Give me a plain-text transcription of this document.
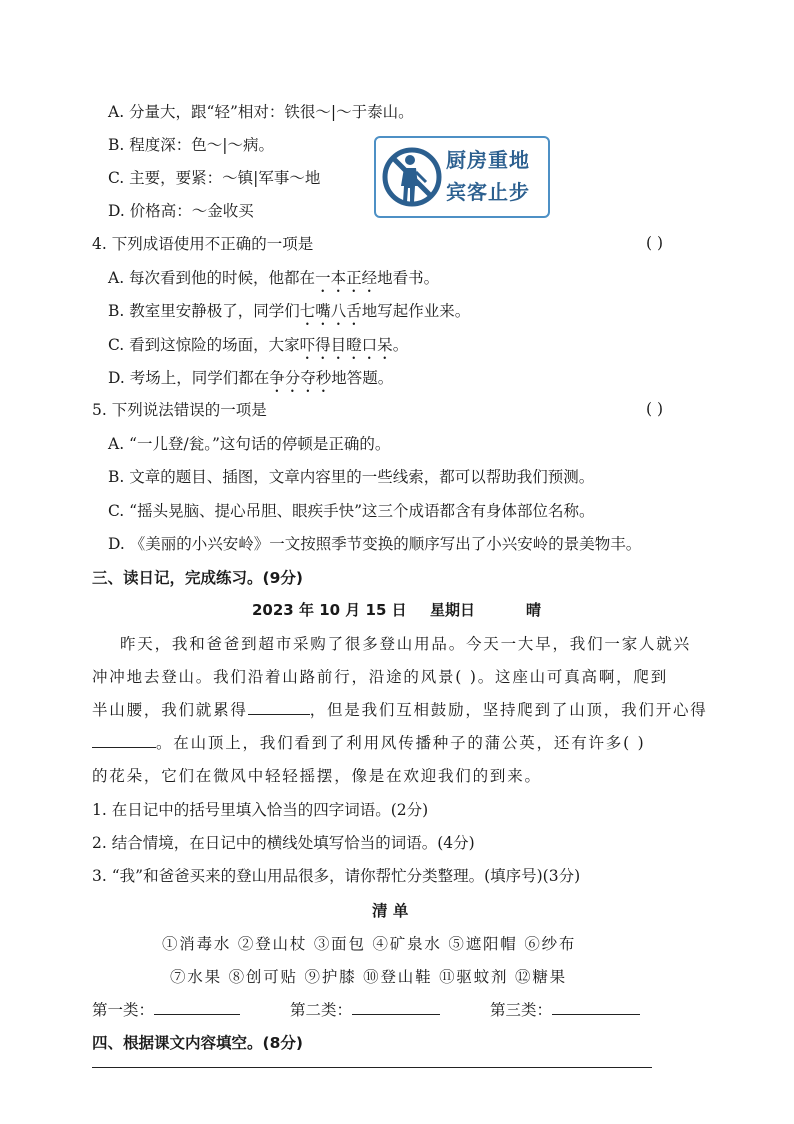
A. 分量大，跟“轻”相对：铁很～|～于泰山。
B. 程度深：色～|～病。
C. 主要，要紧：～镇|军事～地
D. 价格高：～金收买
厨房重地
宾客止步
4. 下列成语使用不正确的一项是	( )
A. 每次看到他的时候，他都在一本正经地看书。
B. 教室里安静极了，同学们七嘴八舌地写起作业来。
C. 看到这惊险的场面，大家吓得目瞪口呆。
D. 考场上，同学们都在争分夺秒地答题。
5. 下列说法错误的一项是	( )
A. “一儿登/瓮。”这句话的停顿是正确的。
B. 文章的题目、插图，文章内容里的一些线索，都可以帮助我们预测。
C. “摇头晃脑、提心吊胆、眼疾手快”这三个成语都含有身体部位名称。
D. 《美丽的小兴安岭》一文按照季节变换的顺序写出了小兴安岭的景美物丰。
三、读日记，完成练习。(9分)
2023 年 10 月 15 日 星期日	晴
昨天，我和爸爸到超市采购了很多登山用品。今天一大早，我们一家人就兴
冲冲地去登山。我们沿着山路前行，沿途的风景( )。这座山可真高啊，爬到
半山腰，我们就累得	，但是我们互相鼓励，坚持爬到了山顶，我们开心得
。在山顶上，我们看到了利用风传播种子的蒲公英，还有许多( )
的花朵，它们在微风中轻轻摇摆，像是在欢迎我们的到来。
1. 在日记中的括号里填入恰当的四字词语。(2分)
2. 结合情境，在日记中的横线处填写恰当的词语。(4分)
3. “我”和爸爸买来的登山用品很多，请你帮忙分类整理。(填序号)(3分)
清 单
①消毒水 ②登山杖 ③面包 ④矿泉水 ⑤遮阳帽 ⑥纱布
⑦水果 ⑧创可贴 ⑨护膝 ⑩登山鞋 ⑪驱蚊剂 ⑫糖果
第一类：	第二类：	第三类：
四、根据课文内容填空。(8分)
